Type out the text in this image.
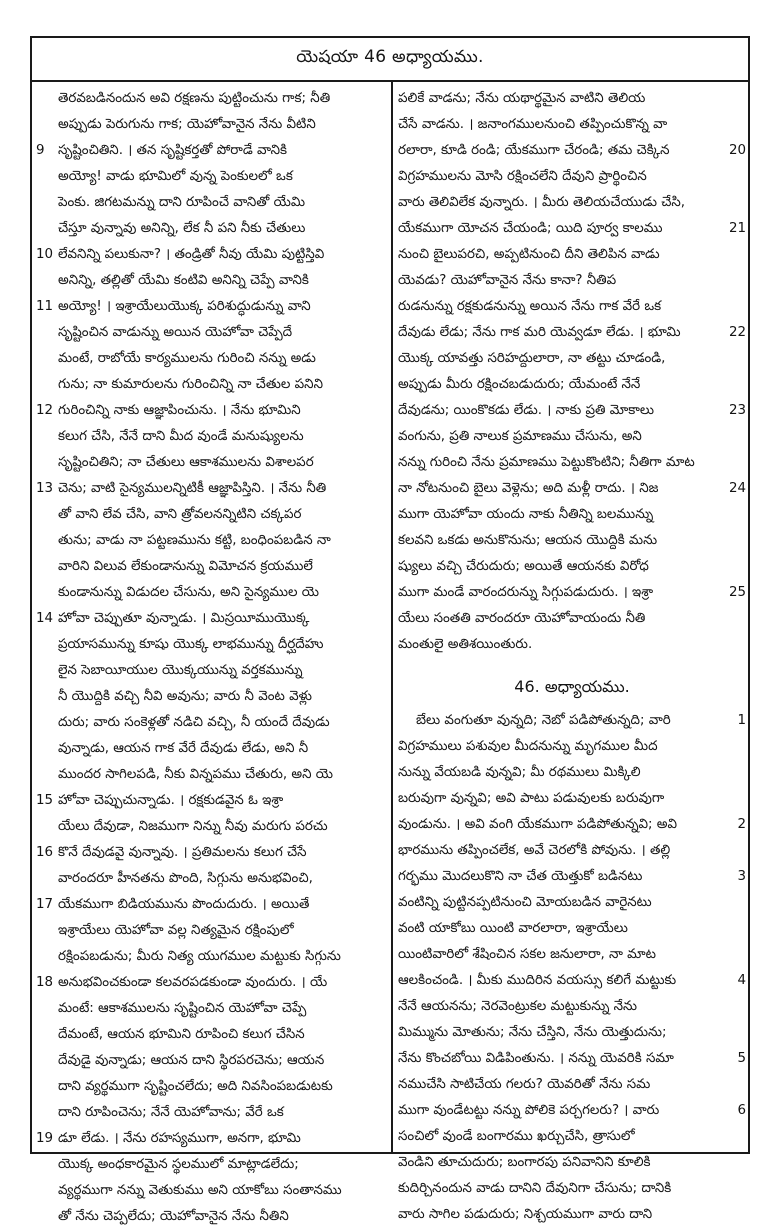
యెషయా 46 అధ్యాయము.
తెరవబడినందున అవి రక్షణను పుట్టించును గాక; నీతి
అప్పుడు పెరుగును గాక; యెహోవానైన నేను వీటిని
9 సృష్టించితిని. । తన సృష్టికర్తతో పోరాడే వానికి
అయ్యో! వాడు భూమిలో వున్న పెంకులలో ఒక
పెంకు. జిగటమన్ను దాని రూపించే వానితో యేమి
చేస్తూ వున్నావు అనిన్ని, లేక నీ పని నీకు చేతులు
10 లేవనిన్ని పలుకునా? । తండ్రితో నీవు యేమి పుట్టిస్తివి
అనిన్ని, తల్లితో యేమి కంటివి అనిన్ని చెప్పే వానికి
11 అయ్యో! । ఇశ్రాయేలుయొక్క పరిశుద్ధుడున్ను వాని
సృష్టించిన వాడున్ను అయిన యెహోవా చెప్పేదే
మంటే, రాబోయే కార్యములను గురించి నన్ను అడు
గును; నా కుమారులను గురించిన్ని నా చేతుల పనిని
12 గురించిన్ని నాకు ఆజ్ఞాపించును. । నేను భూమిని
కలుగ చేసి, నేనే దాని మీద వుండే మనుష్యులను
సృష్టించితిని; నా చేతులు ఆకాశములను విశాలపర
13 చెను; వాటి సైన్యములన్నిటికీ ఆజ్ఞాపిస్తిని. । నేను నీతి
తో వాని లేవ చేసి, వాని త్రోవలనన్నిటిని చక్కపర
తును; వాడు నా పట్టణమును కట్టి, బంధింపబడిన నా
వారిని విలువ లేకుండానున్ను విమోచన క్రయములే
కుండానున్ను విడుదల చేసును, అని సైన్యముల యె
14 హోవా చెప్పుతూ వున్నాడు. । మిస్రయీముయొక్క
ప్రయాసమున్ను కూషు యొక్క లాభమున్ను దీర్ఘదేహు
లైన సెబాయీయుల యొక్కయున్ను వర్తకమున్ను
నీ యొద్దికి వచ్చి నీవి అవును; వారు నీ వెంట వెళ్లు
దురు; వారు సంకెళ్లతో నడిచి వచ్చి, నీ యందే దేవుడు
వున్నాడు, ఆయన గాక వేరే దేవుడు లేడు, అని నీ
ముందర సాగిలపడి, నీకు విన్నపము చేతురు, అని యె
15 హోవా చెప్పుచున్నాడు. । రక్షకుడవైన ఓ ఇశ్రా
యేలు దేవుడా, నిజముగా నిన్ను నీవు మరుగు పరచు
16 కొనే దేవుడవై వున్నావు. । ప్రతిమలను కలుగ చేసే
వారందరూ హీనతను పొంది, సిగ్గును అనుభవించి,
17 యేకముగా బిడియమును పొందుదురు. । అయితే
ఇశ్రాయేలు యెహోవా వల్ల నిత్యమైన రక్షింపులో
రక్షింపబడును; మీరు నిత్య యుగముల మట్టుకు సిగ్గును
18 అనుభవించకుండా కలవరపడకుండా వుందురు. । యే
మంటే: ఆకాశములను సృష్టించిన యెహోవా చెప్పే
దేమంటే, ఆయన భూమిని రూపించి కలుగ చేసిన
దేవుడై వున్నాడు; ఆయన దాని స్థిరపరచెను; ఆయన
దాని వ్యర్థముగా సృష్టించలేదు; అది నివసింపబడుటకు
దాని రూపించెను; నేనే యెహోవాను; వేరే ఒక
19 డూ లేడు. । నేను రహస్యముగా, అనగా, భూమి
యొక్క అంధకారమైన స్థలములో మాట్లాడలేదు;
వ్యర్థముగా నన్ను వెతుకుము అని యాకోబు సంతానము
తో నేను చెప్పలేదు; యెహోవానైన నేను నీతిని
పలికే వాడను; నేను యథార్థమైన వాటిని తెలియ
చేసే వాడను. । జనాంగములనుంచి తప్పించుకొన్న వా
20
రలారా, కూడి రండి; యేకముగా చేరండి; తమ చెక్కిన
విగ్రహములను మోసి రక్షించలేని దేవుని ప్రార్థించిన
వారు తెలివిలేక వున్నారు. । మీరు తెలియచేయుడు చేసి,
21
యేకముగా యోచన చేయండి; యిది పూర్వ కాలము
నుంచి బైలుపరచి, అప్పటినుంచి దీని తెలిపిన వాడు
యెవడు? యెహోవానైన నేను కానా? నీతిప
రుడనున్ను రక్షకుడనున్ను అయిన నేను గాక వేరే ఒక
22
దేవుడు లేడు; నేను గాక మరి యెవ్వడూ లేడు. । భూమి
యొక్క యావత్తు సరిహద్దులారా, నా తట్టు చూడండి,
అప్పుడు మీరు రక్షించబడుదురు; యేమంటే నేనే
23
దేవుడను; యింకొకడు లేడు. । నాకు ప్రతి మోకాలు
వంగును, ప్రతి నాలుక ప్రమాణము చేసును, అని
నన్ను గురించి నేను ప్రమాణము పెట్టుకొంటిని; నీతిగా మాట
24
నా నోటనుంచి బైలు వెళ్లెను; అది మళ్లీ రాదు. । నిజ
ముగా యెహోవా యందు నాకు నీతిన్ని బలమున్ను
కలవని ఒకడు అనుకొనును; ఆయన యొద్దికి మను
ష్యులు వచ్చి చేరుదురు; అయితే ఆయనకు విరోధ
25
ముగా మండే వారందరున్ను సిగ్గుపడుదురు. । ఇశ్రా
యేలు సంతతి వారందరూ యెహోవాయందు నీతి
మంతులై అతిశయింతురు.
46. అధ్యాయము.
1
బేలు వంగుతూ వున్నది; నెబో పడిపోతున్నది; వారి
విగ్రహములు పశువుల మీదనున్ను మృగముల మీద
నున్ను వేయబడి వున్నవి; మీ రథములు మిక్కిలి
బరువుగా వున్నవి; అవి పాటు పడువులకు బరువుగా
2
వుండును. । అవి వంగి యేకముగా పడిపోతున్నవి; అవి
భారమును తప్పించలేక, అవే చెరలోకి పోవును. । తల్లి
3
గర్భము మొదలుకొని నా చేత యెత్తుకో బడినటు
వంటిన్ని పుట్టినప్పటినుంచి మోయబడిన వారైనటు
వంటి యాకోబు యింటి వారలారా, ఇశ్రాయేలు
యింటివారిలో శేషించిన సకల జనులారా, నా మాట
4
ఆలకించండి. । మీకు ముదిరిన వయస్సు కలిగే మట్టుకు
నేనే ఆయనను; నెరవెంట్రుకల మట్టుకున్ను నేను
మిమ్మును మోతును; నేను చేస్తిని, నేను యెత్తుదును;
5
నేను కొంచబోయి విడిపింతును. । నన్ను యెవరికి సమా
నముచేసి సాటిచేయ గలరు? యెవరితో నేను సమ
6
ముగా వుండేటట్టు నన్ను పోలికె పర్చగలరు? । వారు
సంచిలో వుండే బంగారము ఖర్చుచేసి, త్రాసులో
వెండిని తూచుదురు; బంగారపు పనివానిని కూలికి
కుదిర్చినందున వాడు దానిని దేవునిగా చేసును; దానికి
వారు సాగిల పడుదురు; నిశ్చయముగా వారు దాని
